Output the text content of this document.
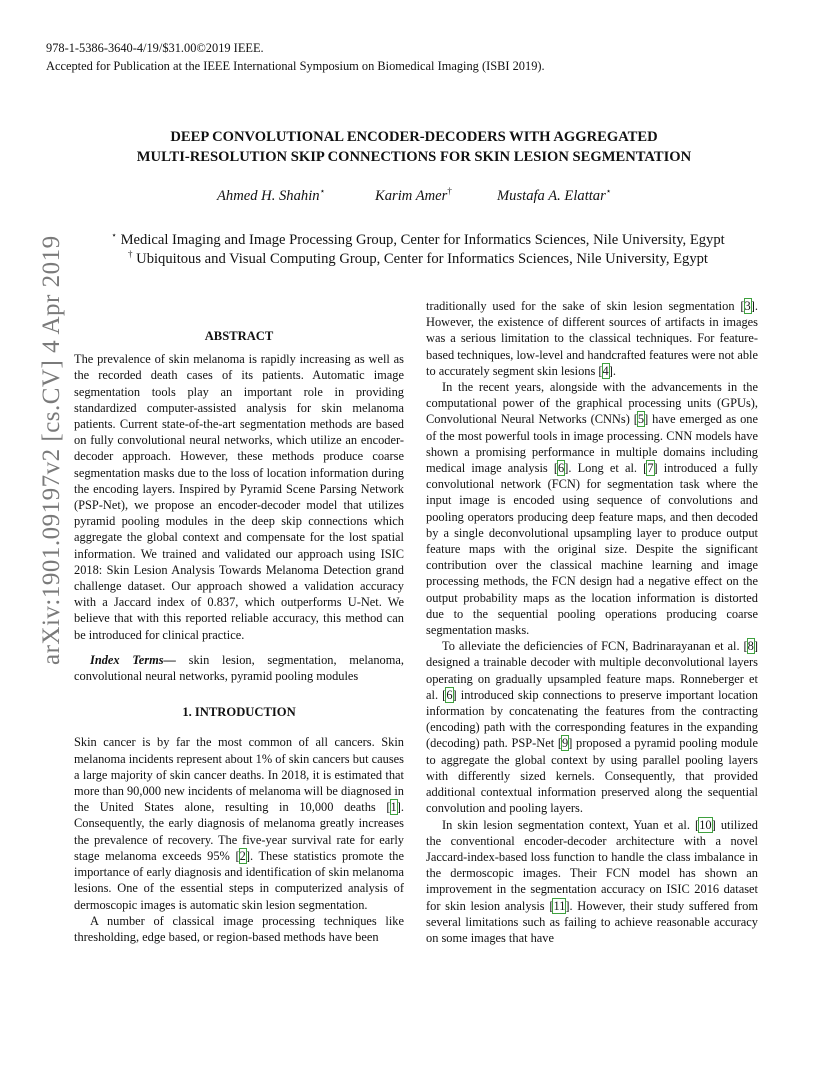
978-1-5386-3640-4/19/$31.00©2019 IEEE.
Accepted for Publication at the IEEE International Symposium on Biomedical Imaging (ISBI 2019).
DEEP CONVOLUTIONAL ENCODER-DECODERS WITH AGGREGATED
MULTI-RESOLUTION SKIP CONNECTIONS FOR SKIN LESION SEGMENTATION
Ahmed H. Shahin⋆	Karim Amer†	Mustafa A. Elattar⋆
⋆ Medical Imaging and Image Processing Group, Center for Informatics Sciences, Nile University, Egypt
† Ubiquitous and Visual Computing Group, Center for Informatics Sciences, Nile University, Egypt
arXiv:1901.09197v2 [cs.CV] 4 Apr 2019	ABSTRACT

The prevalence of skin melanoma is rapidly increasing as well as the recorded death cases of its patients. Automatic image segmentation tools play an important role in providing standardized computer-assisted analysis for skin melanoma patients. Current state-of-the-art segmentation methods are based on fully convolutional neural networks, which utilize an encoder-decoder approach. However, these methods produce coarse segmentation masks due to the loss of location information during the encoding layers. Inspired by Pyramid Scene Parsing Network (PSP-Net), we propose an encoder-decoder model that utilizes pyramid pooling modules in the deep skip connections which aggregate the global context and compensate for the lost spatial information. We trained and validated our approach using ISIC 2018: Skin Lesion Analysis Towards Melanoma Detection grand challenge dataset. Our approach showed a validation accuracy with a Jaccard index of 0.837, which outperforms U-Net. We believe that with this reported reliable accuracy, this method can be introduced for clinical practice.

Index Terms— skin lesion, segmentation, melanoma, convolutional neural networks, pyramid pooling modules

1. INTRODUCTION

Skin cancer is by far the most common of all cancers. Skin melanoma incidents represent about 1% of skin cancers but causes a large majority of skin cancer deaths. In 2018, it is estimated that more than 90,000 new incidents of melanoma will be diagnosed in the United States alone, resulting in 10,000 deaths [1]. Consequently, the early diagnosis of melanoma greatly increases the prevalence of recovery. The five-year survival rate for early stage melanoma exceeds 95% [2]. These statistics promote the importance of early diagnosis and identification of skin melanoma lesions. One of the essential steps in computerized analysis of dermoscopic images is automatic skin lesion segmentation.

A number of classical image processing techniques like thresholding, edge based, or region-based methods have been

traditionally used for the sake of skin lesion segmentation [3]. However, the existence of different sources of artifacts in images was a serious limitation to the classical techniques. For feature-based techniques, low-level and handcrafted features were not able to accurately segment skin lesions [4].

In the recent years, alongside with the advancements in the computational power of the graphical processing units (GPUs), Convolutional Neural Networks (CNNs) [5] have emerged as one of the most powerful tools in image processing. CNN models have shown a promising performance in multiple domains including medical image analysis [6]. Long et al. [7] introduced a fully convolutional network (FCN) for segmentation task where the input image is encoded using sequence of convolutions and pooling operators producing deep feature maps, and then decoded by a single deconvolutional upsampling layer to produce output feature maps with the original size. Despite the significant contribution over the classical machine learning and image processing methods, the FCN design had a negative effect on the output probability maps as the location information is distorted due to the sequential pooling operations producing coarse segmentation masks.

To alleviate the deficiencies of FCN, Badrinarayanan et al. [8] designed a trainable decoder with multiple deconvolutional layers operating on gradually upsampled feature maps. Ronneberger et al. [6] introduced skip connections to preserve important location information by concatenating the features from the contracting (encoding) path with the corresponding features in the expanding (decoding) path. PSP-Net [9] proposed a pyramid pooling module to aggregate the global context by using parallel pooling layers with differently sized kernels. Consequently, that provided additional contextual information preserved along the sequential convolution and pooling layers.

In skin lesion segmentation context, Yuan et al. [10] utilized the conventional encoder-decoder architecture with a novel Jaccard-index-based loss function to handle the class imbalance in the dermoscopic images. Their FCN model has shown an improvement in the segmentation accuracy on ISIC 2016 dataset for skin lesion analysis [11]. However, their study suffered from several limitations such as failing to achieve reasonable accuracy on some images that have
